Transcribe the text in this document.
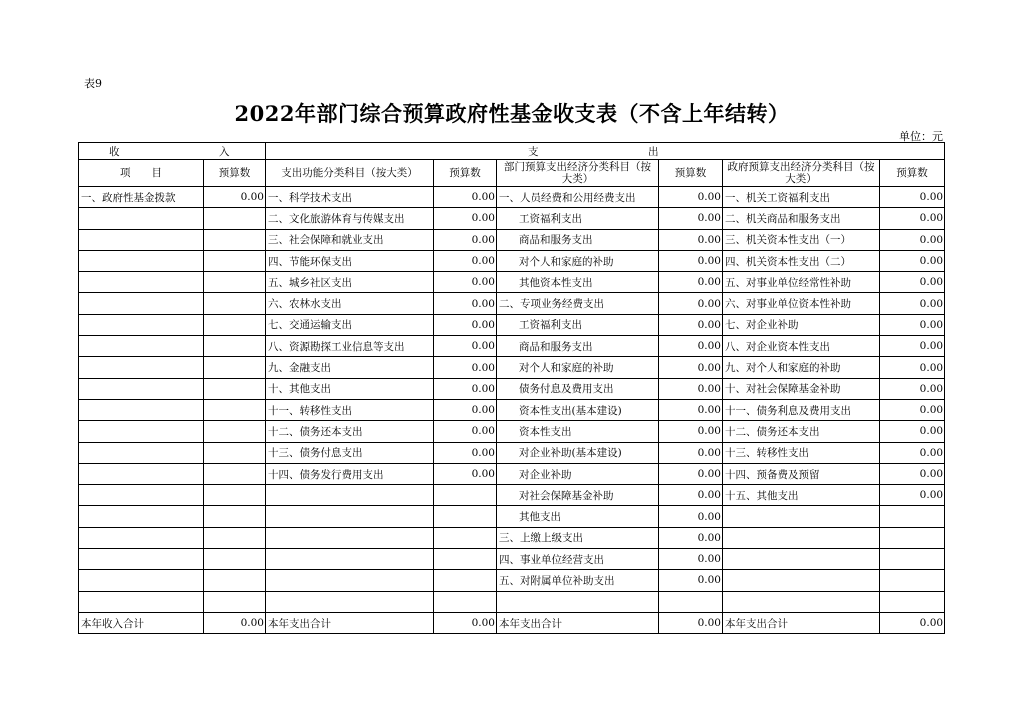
表9
2022年部门综合预算政府性基金收支表（不含上年结转）
单位：元
收 入		支 出					
项　　目	预算数	支出功能分类科目（按大类）	预算数	部门预算支出经济分类科目（按大类）	预算数	政府预算支出经济分类科目（按大类）	预算数
一、政府性基金拨款	0.00	一、科学技术支出	0.00	一、人员经费和公用经费支出	0.00	一、机关工资福利支出	0.00
		二、文化旅游体育与传媒支出	0.00	工资福利支出	0.00	二、机关商品和服务支出	0.00
		三、社会保障和就业支出	0.00	商品和服务支出	0.00	三、机关资本性支出（一）	0.00
		四、节能环保支出	0.00	对个人和家庭的补助	0.00	四、机关资本性支出（二）	0.00
		五、城乡社区支出	0.00	其他资本性支出	0.00	五、对事业单位经常性补助	0.00
		六、农林水支出	0.00	二、专项业务经费支出	0.00	六、对事业单位资本性补助	0.00
		七、交通运输支出	0.00	工资福利支出	0.00	七、对企业补助	0.00
		八、资源勘探工业信息等支出	0.00	商品和服务支出	0.00	八、对企业资本性支出	0.00
		九、金融支出	0.00	对个人和家庭的补助	0.00	九、对个人和家庭的补助	0.00
		十、其他支出	0.00	债务付息及费用支出	0.00	十、对社会保障基金补助	0.00
		十一、转移性支出	0.00	资本性支出(基本建设)	0.00	十一、债务利息及费用支出	0.00
		十二、债务还本支出	0.00	资本性支出	0.00	十二、债务还本支出	0.00
		十三、债务付息支出	0.00	对企业补助(基本建设)	0.00	十三、转移性支出	0.00
		十四、债务发行费用支出	0.00	对企业补助	0.00	十四、预备费及预留	0.00
				对社会保障基金补助	0.00	十五、其他支出	0.00
				其他支出	0.00		
				三、上缴上级支出	0.00		
				四、事业单位经营支出	0.00		
				五、对附属单位补助支出	0.00		

本年收入合计	0.00	本年支出合计	0.00	本年支出合计	0.00	本年支出合计	0.00
